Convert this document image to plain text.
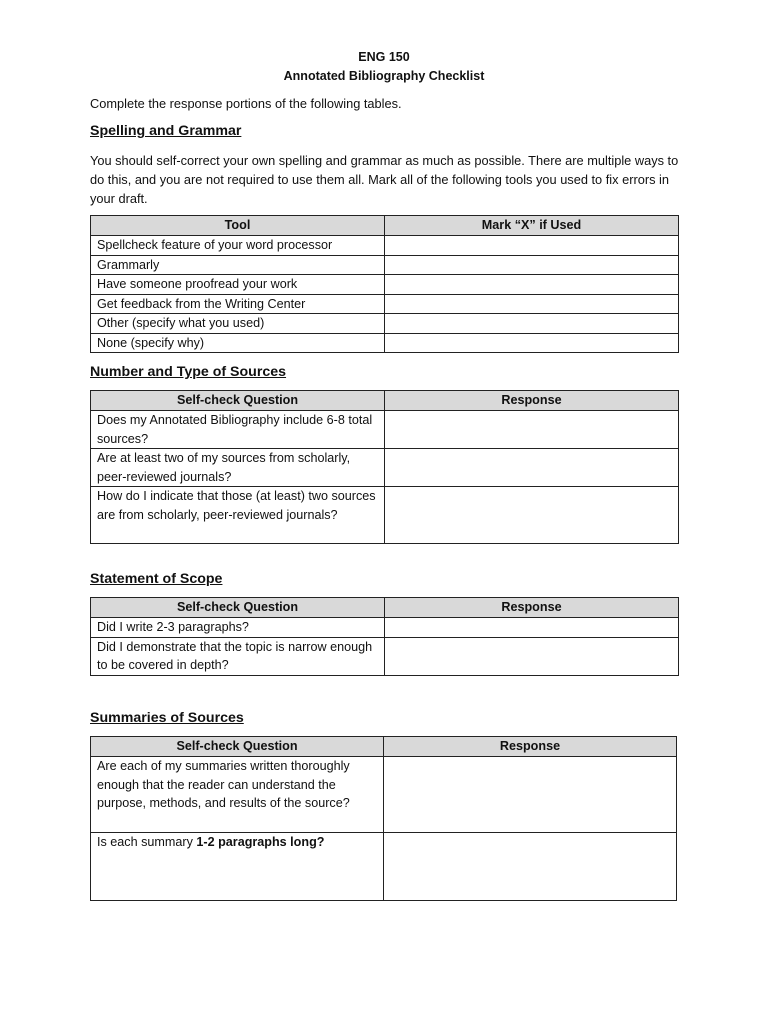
ENG 150
Annotated Bibliography Checklist
Complete the response portions of the following tables.
Spelling and Grammar
You should self-correct your own spelling and grammar as much as possible. There are multiple ways to do this, and you are not required to use them all. Mark all of the following tools you used to fix errors in your draft.
Tool	Mark “X” if Used
Spellcheck feature of your word processor	
Grammarly	
Have someone proofread your work	
Get feedback from the Writing Center	
Other (specify what you used)	
None (specify why)	
Number and Type of Sources
Self-check Question	Response
Does my Annotated Bibliography include 6-8 total sources?	
Are at least two of my sources from scholarly, peer-reviewed journals?	
How do I indicate that those (at least) two sources are from scholarly, peer-reviewed journals?	
Statement of Scope
Self-check Question	Response
Did I write 2-3 paragraphs?	
Did I demonstrate that the topic is narrow enough to be covered in depth?	
Summaries of Sources
Self-check Question	Response
Are each of my summaries written thoroughly enough that the reader can understand the purpose, methods, and results of the source?	
Is each summary 1-2 paragraphs long?	
